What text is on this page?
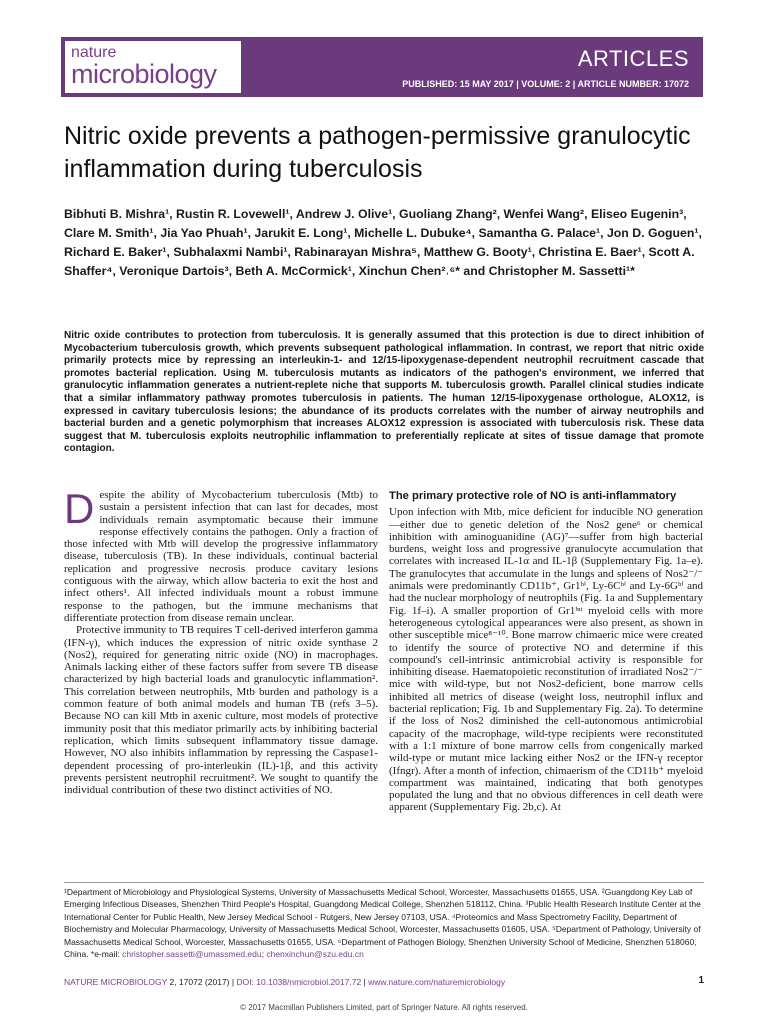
nature
microbiology
ARTICLES
PUBLISHED: 15 MAY 2017 | VOLUME: 2 | ARTICLE NUMBER: 17072
Nitric oxide prevents a pathogen-permissive granulocytic inflammation during tuberculosis
Bibhuti B. Mishra¹, Rustin R. Lovewell¹, Andrew J. Olive¹, Guoliang Zhang², Wenfei Wang², Eliseo Eugenin³, Clare M. Smith¹, Jia Yao Phuah¹, Jarukit E. Long¹, Michelle L. Dubuke⁴, Samantha G. Palace¹, Jon D. Goguen¹, Richard E. Baker¹, Subhalaxmi Nambi¹, Rabinarayan Mishra⁵, Matthew G. Booty¹, Christina E. Baer¹, Scott A. Shaffer⁴, Veronique Dartois³, Beth A. McCormick¹, Xinchun Chen²˒⁶* and Christopher M. Sassetti¹*
Nitric oxide contributes to protection from tuberculosis. It is generally assumed that this protection is due to direct inhibition of Mycobacterium tuberculosis growth, which prevents subsequent pathological inflammation. In contrast, we report that nitric oxide primarily protects mice by repressing an interleukin-1- and 12/15-lipoxygenase-dependent neutrophil recruitment cascade that promotes bacterial replication. Using M. tuberculosis mutants as indicators of the pathogen's environment, we inferred that granulocytic inflammation generates a nutrient-replete niche that supports M. tuberculosis growth. Parallel clinical studies indicate that a similar inflammatory pathway promotes tuberculosis in patients. The human 12/15-lipoxygenase orthologue, ALOX12, is expressed in cavitary tuberculosis lesions; the abundance of its products correlates with the number of airway neutrophils and bacterial burden and a genetic polymorphism that increases ALOX12 expression is associated with tuberculosis risk. These data suggest that M. tuberculosis exploits neutrophilic inflammation to preferentially replicate at sites of tissue damage that promote contagion.

D espite the ability of Mycobacterium tuberculosis (Mtb) to sustain a persistent infection that can last for decades, most individuals remain asymptomatic because their immune response effectively contains the pathogen. Only a fraction of those infected with Mtb will develop the progressive inflammatory disease, tuberculosis (TB). In these individuals, continual bacterial replication and progressive necrosis produce cavitary lesions contiguous with the airway, which allow bacteria to exit the host and infect others¹. All infected individuals mount a robust immune response to the pathogen, but the immune mechanisms that differentiate protection from disease remain unclear.

Protective immunity to TB requires T cell-derived interferon gamma (IFN-γ), which induces the expression of nitric oxide synthase 2 (Nos2), required for generating nitric oxide (NO) in macrophages. Animals lacking either of these factors suffer from severe TB disease characterized by high bacterial loads and granulocytic inflammation². This correlation between neutrophils, Mtb burden and pathology is a common feature of both animal models and human TB (refs 3–5). Because NO can kill Mtb in axenic culture, most models of protective immunity posit that this mediator primarily acts by inhibiting bacterial replication, which limits subsequent inflammatory tissue damage. However, NO also inhibits inflammation by repressing the Caspase1-dependent processing of pro-interleukin (IL)-1β, and this activity prevents persistent neutrophil recruitment². We sought to quantify the individual contribution of these two distinct activities of NO.

The primary protective role of NO is anti-inflammatory

Upon infection with Mtb, mice deficient for inducible NO generation—either due to genetic deletion of the Nos2 gene⁶ or chemical inhibition with aminoguanidine (AG)⁷—suffer from high bacterial burdens, weight loss and progressive granulocyte accumulation that correlates with increased IL-1α and IL-1β (Supplementary Fig. 1a–e). The granulocytes that accumulate in the lungs and spleens of Nos2⁻/⁻ animals were predominantly CD11b⁺, Gr1ʰⁱ, Ly-6Cʰⁱ and Ly-6Gʰⁱ and had the nuclear morphology of neutrophils (Fig. 1a and Supplementary Fig. 1f–i). A smaller proportion of Gr1ⁱⁿᵗ myeloid cells with more heterogeneous cytological appearances were also present, as shown in other susceptible mice⁸⁻¹⁰. Bone marrow chimaeric mice were created to identify the source of protective NO and determine if this compound's cell-intrinsic antimicrobial activity is responsible for inhibiting disease. Haematopoietic reconstitution of irradiated Nos2⁻/⁻ mice with wild-type, but not Nos2-deficient, bone marrow cells inhibited all metrics of disease (weight loss, neutrophil influx and bacterial replication; Fig. 1b and Supplementary Fig. 2a). To determine if the loss of Nos2 diminished the cell-autonomous antimicrobial capacity of the macrophage, wild-type recipients were reconstituted with a 1:1 mixture of bone marrow cells from congenically marked wild-type or mutant mice lacking either Nos2 or the IFN-γ receptor (Ifngr). After a month of infection, chimaerism of the CD11b⁺ myeloid compartment was maintained, indicating that both genotypes populated the lung and that no obvious differences in cell death were apparent (Supplementary Fig. 2b,c). At

¹Department of Microbiology and Physiological Systems, University of Massachusetts Medical School, Worcester, Massachusetts 01655, USA. ²Guangdong Key Lab of Emerging Infectious Diseases, Shenzhen Third People's Hospital, Guangdong Medical College, Shenzhen 518112, China. ³Public Health Research Institute Center at the International Center for Public Health, New Jersey Medical School - Rutgers, New Jersey 07103, USA. ⁴Proteomics and Mass Spectrometry Facility, Department of Biochemistry and Molecular Pharmacology, University of Massachusetts Medical School, Worcester, Massachusetts 01605, USA. ⁵Department of Pathology, University of Massachusetts Medical School, Worcester, Massachusetts 01655, USA. ⁶Department of Pathogen Biology, Shenzhen University School of Medicine, Shenzhen 518060, China. *e-mail: christopher.sassetti@umassmed.edu; chenxinchun@szu.edu.cn
NATURE MICROBIOLOGY 2, 17072 (2017) | DOI: 10.1038/nmicrobiol.2017.72 | www.nature.com/naturemicrobiology	1
© 2017 Macmillan Publishers Limited, part of Springer Nature. All rights reserved.
